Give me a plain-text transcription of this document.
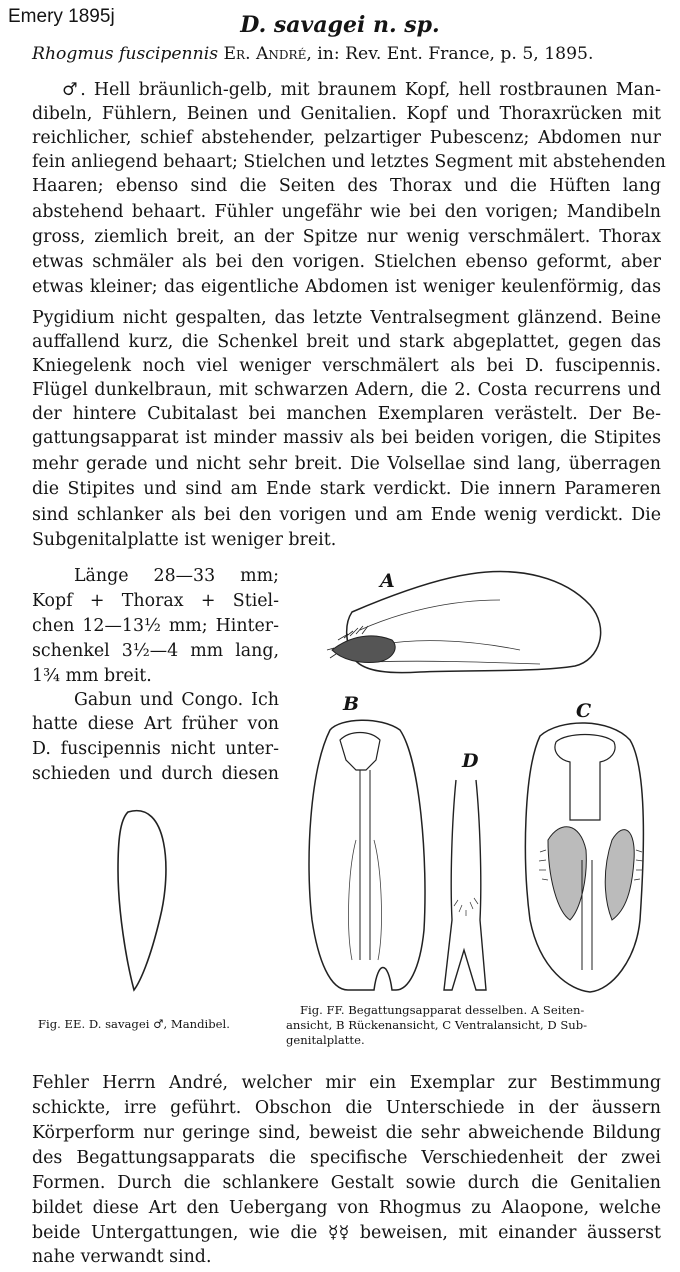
Emery 1895j	D. savagei n. sp.
Rhogmus fuscipennis Er. André, in: Rev. Ent. France, p. 5, 1895.
♂. Hell bräunlich-gelb, mit braunem Kopf, hell rostbraunen Man-
dibeln, Fühlern, Beinen und Genitalien. Kopf und Thoraxrücken mit
reichlicher, schief abstehender, pelzartiger Pubescenz; Abdomen nur
fein anliegend behaart; Stielchen und letztes Segment mit abstehenden
Haaren; ebenso sind die Seiten des Thorax und die Hüften lang
abstehend behaart. Fühler ungefähr wie bei den vorigen; Mandibeln
gross, ziemlich breit, an der Spitze nur wenig verschmälert. Thorax
etwas schmäler als bei den vorigen. Stielchen ebenso geformt, aber
etwas kleiner; das eigentliche Abdomen ist weniger keulenförmig, das
Pygidium nicht gespalten, das letzte Ventralsegment glänzend. Beine
auffallend kurz, die Schenkel breit und stark abgeplattet, gegen das
Kniegelenk noch viel weniger verschmälert als bei D. fuscipennis.
Flügel dunkelbraun, mit schwarzen Adern, die 2. Costa recurrens und
der hintere Cubitalast bei manchen Exemplaren verästelt. Der Be-
gattungsapparat ist minder massiv als bei beiden vorigen, die Stipites
mehr gerade und nicht sehr breit. Die Volsellae sind lang, überragen
die Stipites und sind am Ende stark verdickt. Die innern Parameren
sind schlanker als bei den vorigen und am Ende wenig verdickt. Die
Subgenitalplatte ist weniger breit.
Länge 28—33 mm;
Kopf + Thorax + Stiel-
chen 12—13½ mm; Hinter-
schenkel 3½—4 mm lang,
1¾ mm breit.
Gabun und Congo. Ich
hatte diese Art früher von
D. fuscipennis nicht unter-
schieden und durch diesen
A
B	C
D
Fig. EE. D. savagei ♂, Mandibel.
Fig. FF. Begattungsapparat desselben. A Seiten-
ansicht, B Rückenansicht, C Ventralansicht, D Sub-
genitalplatte.
Fehler Herrn André, welcher mir ein Exemplar zur Bestimmung
schickte, irre geführt. Obschon die Unterschiede in der äussern
Körperform nur geringe sind, beweist die sehr abweichende Bildung
des Begattungsapparats die specifische Verschiedenheit der zwei
Formen. Durch die schlankere Gestalt sowie durch die Genitalien
bildet diese Art den Uebergang von Rhogmus zu Alaopone, welche
beide Untergattungen, wie die ☿☿ beweisen, mit einander äusserst
nahe verwandt sind.
